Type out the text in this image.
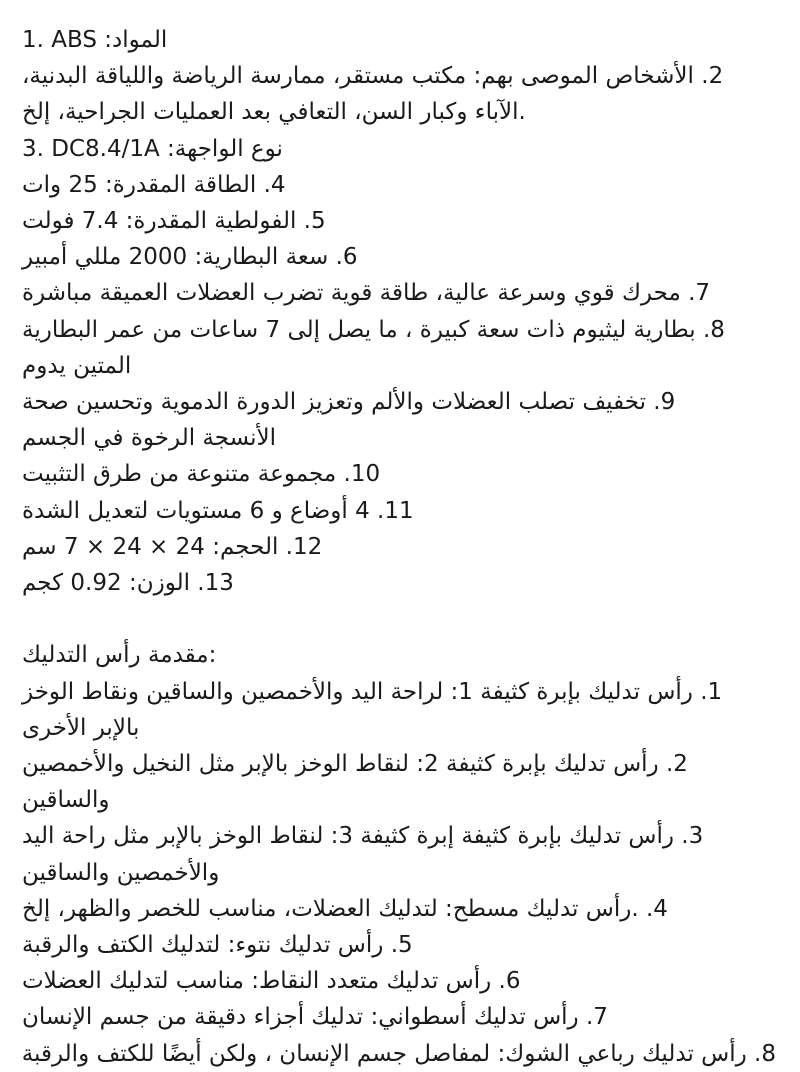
1. ABS :المواد
2. الأشخاص الموصى بهم: مكتب مستقر، ممارسة الرياضة واللياقة البدنية،
.الآباء وكبار السن، التعافي بعد العمليات الجراحية، إلخ
3. DC8.4/1A :نوع الواجهة
4. الطاقة المقدرة: 25 وات
5. الفولطية المقدرة: 7.4 فولت
6. سعة البطارية: 2000 مللي أمبير
7. محرك قوي وسرعة عالية، طاقة قوية تضرب العضلات العميقة مباشرة
8. بطارية ليثيوم ذات سعة كبيرة ، ما يصل إلى 7 ساعات من عمر البطارية
المتين يدوم
9. تخفيف تصلب العضلات والألم وتعزيز الدورة الدموية وتحسين صحة
الأنسجة الرخوة في الجسم
10. مجموعة متنوعة من طرق التثبيت
11. 4 أوضاع و 6 مستويات لتعديل الشدة
12. الحجم: 24 × 24 × 7 سم
13. الوزن: 0.92 كجم
:مقدمة رأس التدليك
1. رأس تدليك بإبرة كثيفة 1: لراحة اليد والأخمصين والساقين ونقاط الوخز
بالإبر الأخرى
2. رأس تدليك بإبرة كثيفة 2: لنقاط الوخز بالإبر مثل النخيل والأخمصين
والساقين
3. رأس تدليك بإبرة كثيفة إبرة كثيفة 3: لنقاط الوخز بالإبر مثل راحة اليد
والأخمصين والساقين
4. .رأس تدليك مسطح: لتدليك العضلات، مناسب للخصر والظهر، إلخ
5. رأس تدليك نتوء: لتدليك الكتف والرقبة
6. رأس تدليك متعدد النقاط: مناسب لتدليك العضلات
7. رأس تدليك أسطواني: تدليك أجزاء دقيقة من جسم الإنسان
8. رأس تدليك رباعي الشوك: لمفاصل جسم الإنسان ، ولكن أيضًا للكتف والرقبة
